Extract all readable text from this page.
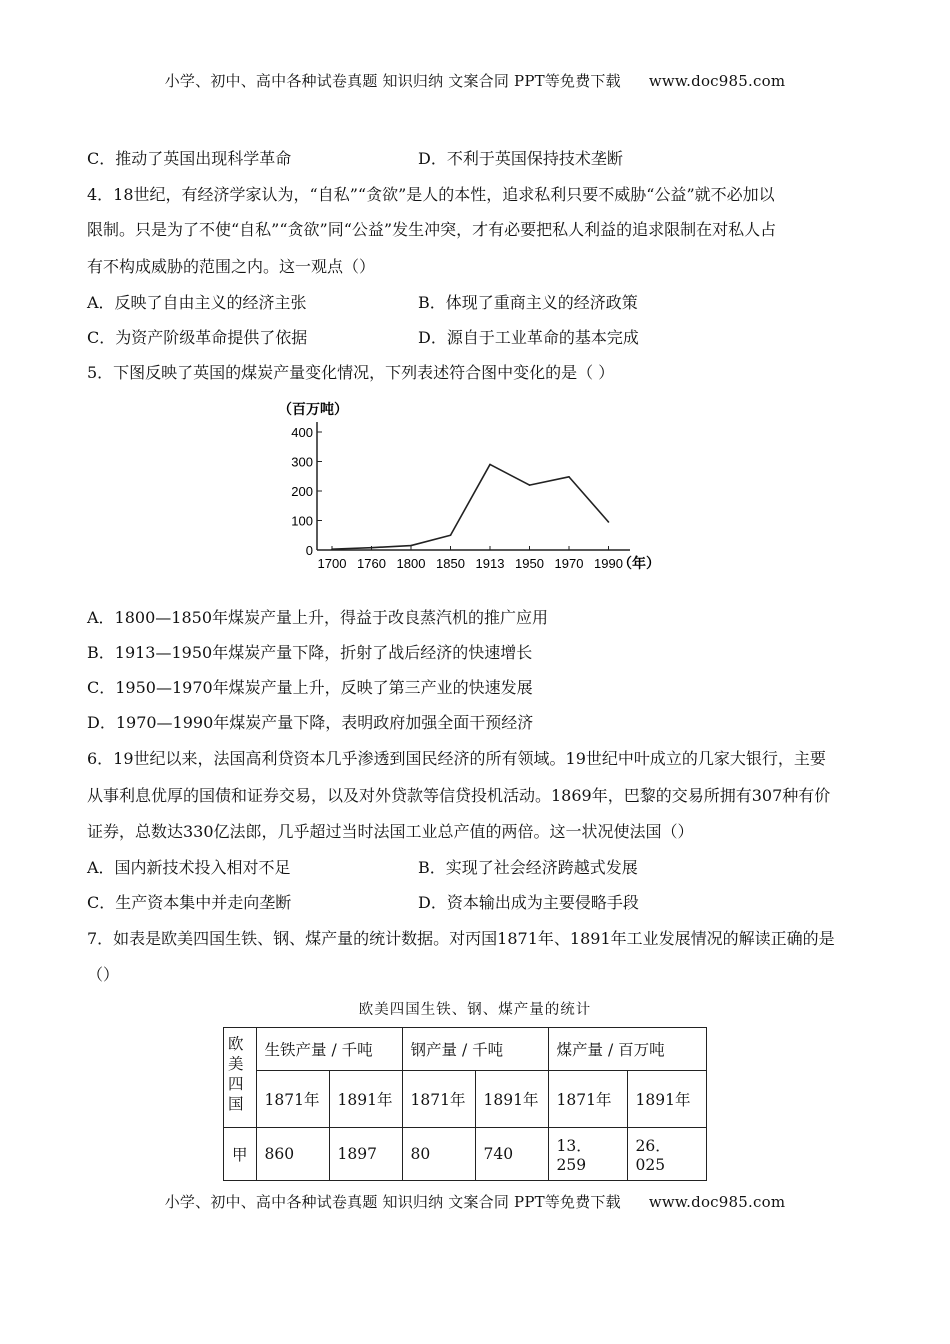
小学、初中、高中各种试卷真题 知识归纳 文案合同 PPT等免费下载 www.doc985.com
C．推动了英国出现科学革命	D．不利于英国保持技术垄断
4．18世纪，有经济学家认为，“自私”“贪欲”是人的本性，追求私利只要不威胁“公益”就不必加以
限制。只是为了不使“自私”“贪欲”同“公益”发生冲突，才有必要把私人利益的追求限制在对私人占
有不构成威胁的范围之内。这一观点（）
A．反映了自由主义的经济主张	B．体现了重商主义的经济政策
C．为资产阶级革命提供了依据	D．源自于工业革命的基本完成
5．下图反映了英国的煤炭产量变化情况，下列表述符合图中变化的是（ ）
0
100
200
300
400
1700 1760 1800 1850 1913 1950 1970 1990
（百万吨）
（年）
A．1800—1850年煤炭产量上升，得益于改良蒸汽机的推广应用
B．1913—1950年煤炭产量下降，折射了战后经济的快速增长
C．1950—1970年煤炭产量上升，反映了第三产业的快速发展
D．1970—1990年煤炭产量下降，表明政府加强全面干预经济
6．19世纪以来，法国高利贷资本几乎渗透到国民经济的所有领域。19世纪中叶成立的几家大银行，主要
从事利息优厚的国债和证券交易，以及对外贷款等信贷投机活动。1869年，巴黎的交易所拥有307种有价
证券，总数达330亿法郎，几乎超过当时法国工业总产值的两倍。这一状况使法国（）
A．国内新技术投入相对不足	B．实现了社会经济跨越式发展
C．生产资本集中并走向垄断	D．资本输出成为主要侵略手段
7．如表是欧美四国生铁、钢、煤产量的统计数据。对丙国1871年、1891年工业发展情况的解读正确的是
（）
欧美四国生铁、钢、煤产量的统计
欧美四国	生铁产量 / 千吨		钢产量 / 千吨		煤产量 / 百万吨	
	1871年	1891年	1871年	1891年	1871年	1891年
甲	860	1897	80	740	13．259	26．025
小学、初中、高中各种试卷真题 知识归纳 文案合同 PPT等免费下载 www.doc985.com
